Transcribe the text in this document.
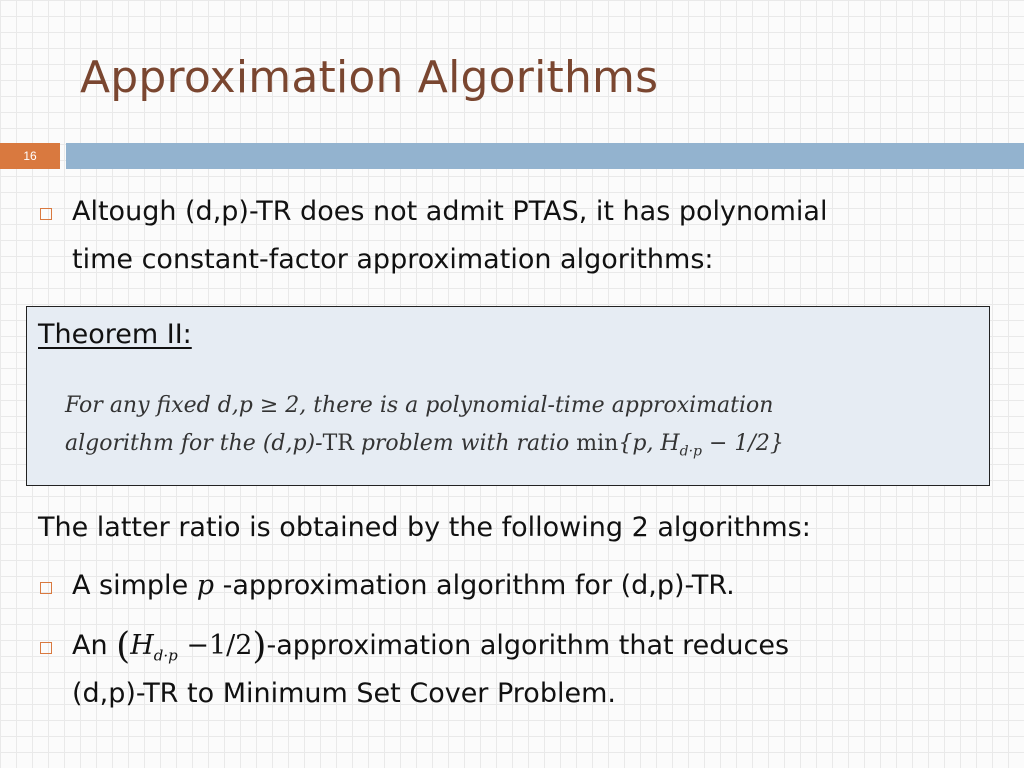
Approximation Algorithms
16
Altough (d,p)-TR does not admit PTAS, it has polynomial
time constant-factor approximation algorithms:
Theorem II:
For any fixed d,p ≥ 2, there is a polynomial-time approximation
algorithm for the (d,p)-TR problem with ratio min{p, $H_{d\cdot p} - 1/2$}
The latter ratio is obtained by the following 2 algorithms:
A simple p -approximation algorithm for (d,p)-TR.
An ($H_{d\cdot p}$ −1/2)-approximation algorithm that reduces
(d,p)-TR to Minimum Set Cover Problem.
